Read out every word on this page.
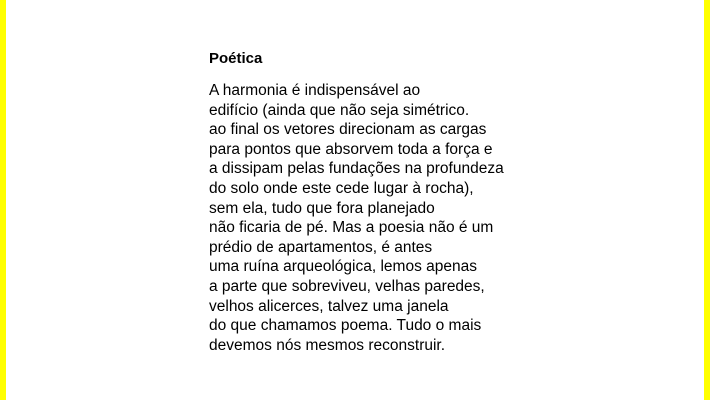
Poética
A harmonia é indispensável ao
edifício (ainda que não seja simétrico.
ao final os vetores direcionam as cargas
para pontos que absorvem toda a força e
a dissipam pelas fundações na profundeza
do solo onde este cede lugar à rocha),
sem ela, tudo que fora planejado
não ficaria de pé. Mas a poesia não é um
prédio de apartamentos, é antes
uma ruína arqueológica, lemos apenas
a parte que sobreviveu, velhas paredes,
velhos alicerces, talvez uma janela
do que chamamos poema. Tudo o mais
devemos nós mesmos reconstruir.
